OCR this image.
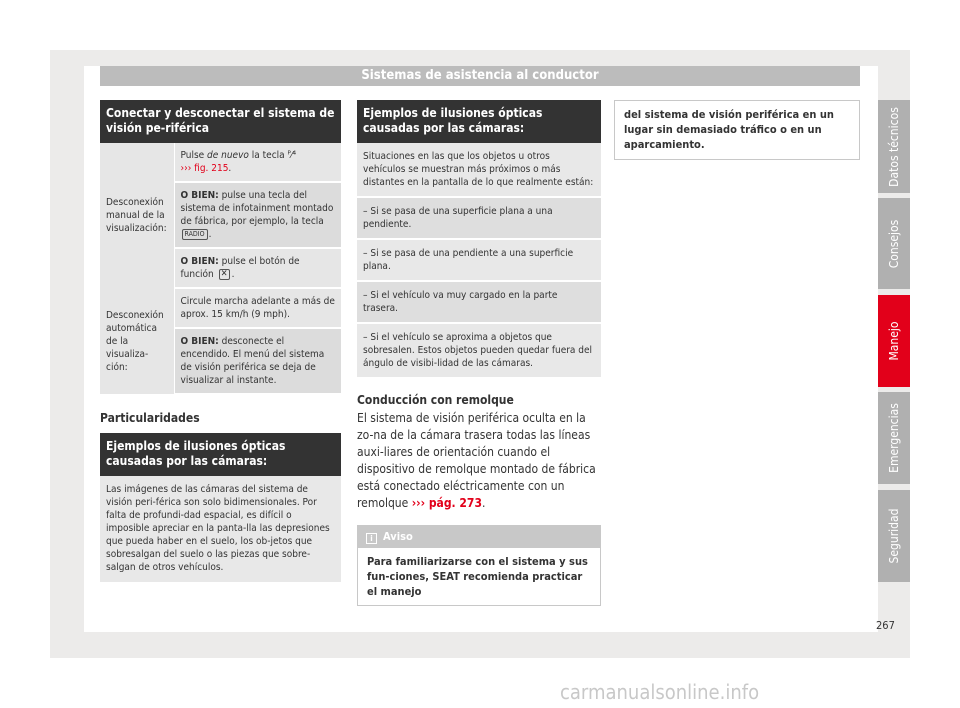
Sistemas de asistencia al conductor
Conectar y desconectar el sistema de visión pe-riférica
Desconexión manual de la visualización:	Pulse de nuevo la tecla ᴾ⁄⁴
››› fig. 215.
	O BIEN: pulse una tecla del sistema de infotainment montado de fábrica, por ejemplo, la tecla RADIO .
	O BIEN: pulse el botón de función ✕ .
Desconexión automática de la visualiza-ción:	Circule marcha adelante a más de aprox. 15 km/h (9 mph).
	O BIEN: desconecte el encendido. El menú del sistema de visión periférica se deja de visualizar al instante.
Particularidades
Ejemplos de ilusiones ópticas causadas por las cámaras:
Las imágenes de las cámaras del sistema de visión peri-férica son solo bidimensionales. Por falta de profundi-dad espacial, es difícil o imposible apreciar en la panta-lla las depresiones que pueda haber en el suelo, los ob-jetos que sobresalgan del suelo o las piezas que sobre-salgan de otros vehículos.
Ejemplos de ilusiones ópticas causadas por las cámaras:
Situaciones en las que los objetos u otros vehículos se muestran más próximos o más distantes en la pantalla de lo que realmente están:
– Si se pasa de una superficie plana a una pendiente.
– Si se pasa de una pendiente a una superficie plana.
– Si el vehículo va muy cargado en la parte trasera.
– Si el vehículo se aproxima a objetos que sobresalen. Estos objetos pueden quedar fuera del ángulo de visibi-lidad de las cámaras.
Conducción con remolque
El sistema de visión periférica oculta en la zo-na de la cámara trasera todas las líneas auxi-liares de orientación cuando el dispositivo de remolque montado de fábrica está conectado eléctricamente con un remolque ››› pág. 273.
i Aviso
Para familiarizarse con el sistema y sus fun-ciones, SEAT recomienda practicar el manejo
del sistema de visión periférica en un lugar sin demasiado tráfico o en un aparcamiento.	Datos técnicos
Consejos
Manejo
Emergencias
Seguridad
267
carmanualsonline.info
